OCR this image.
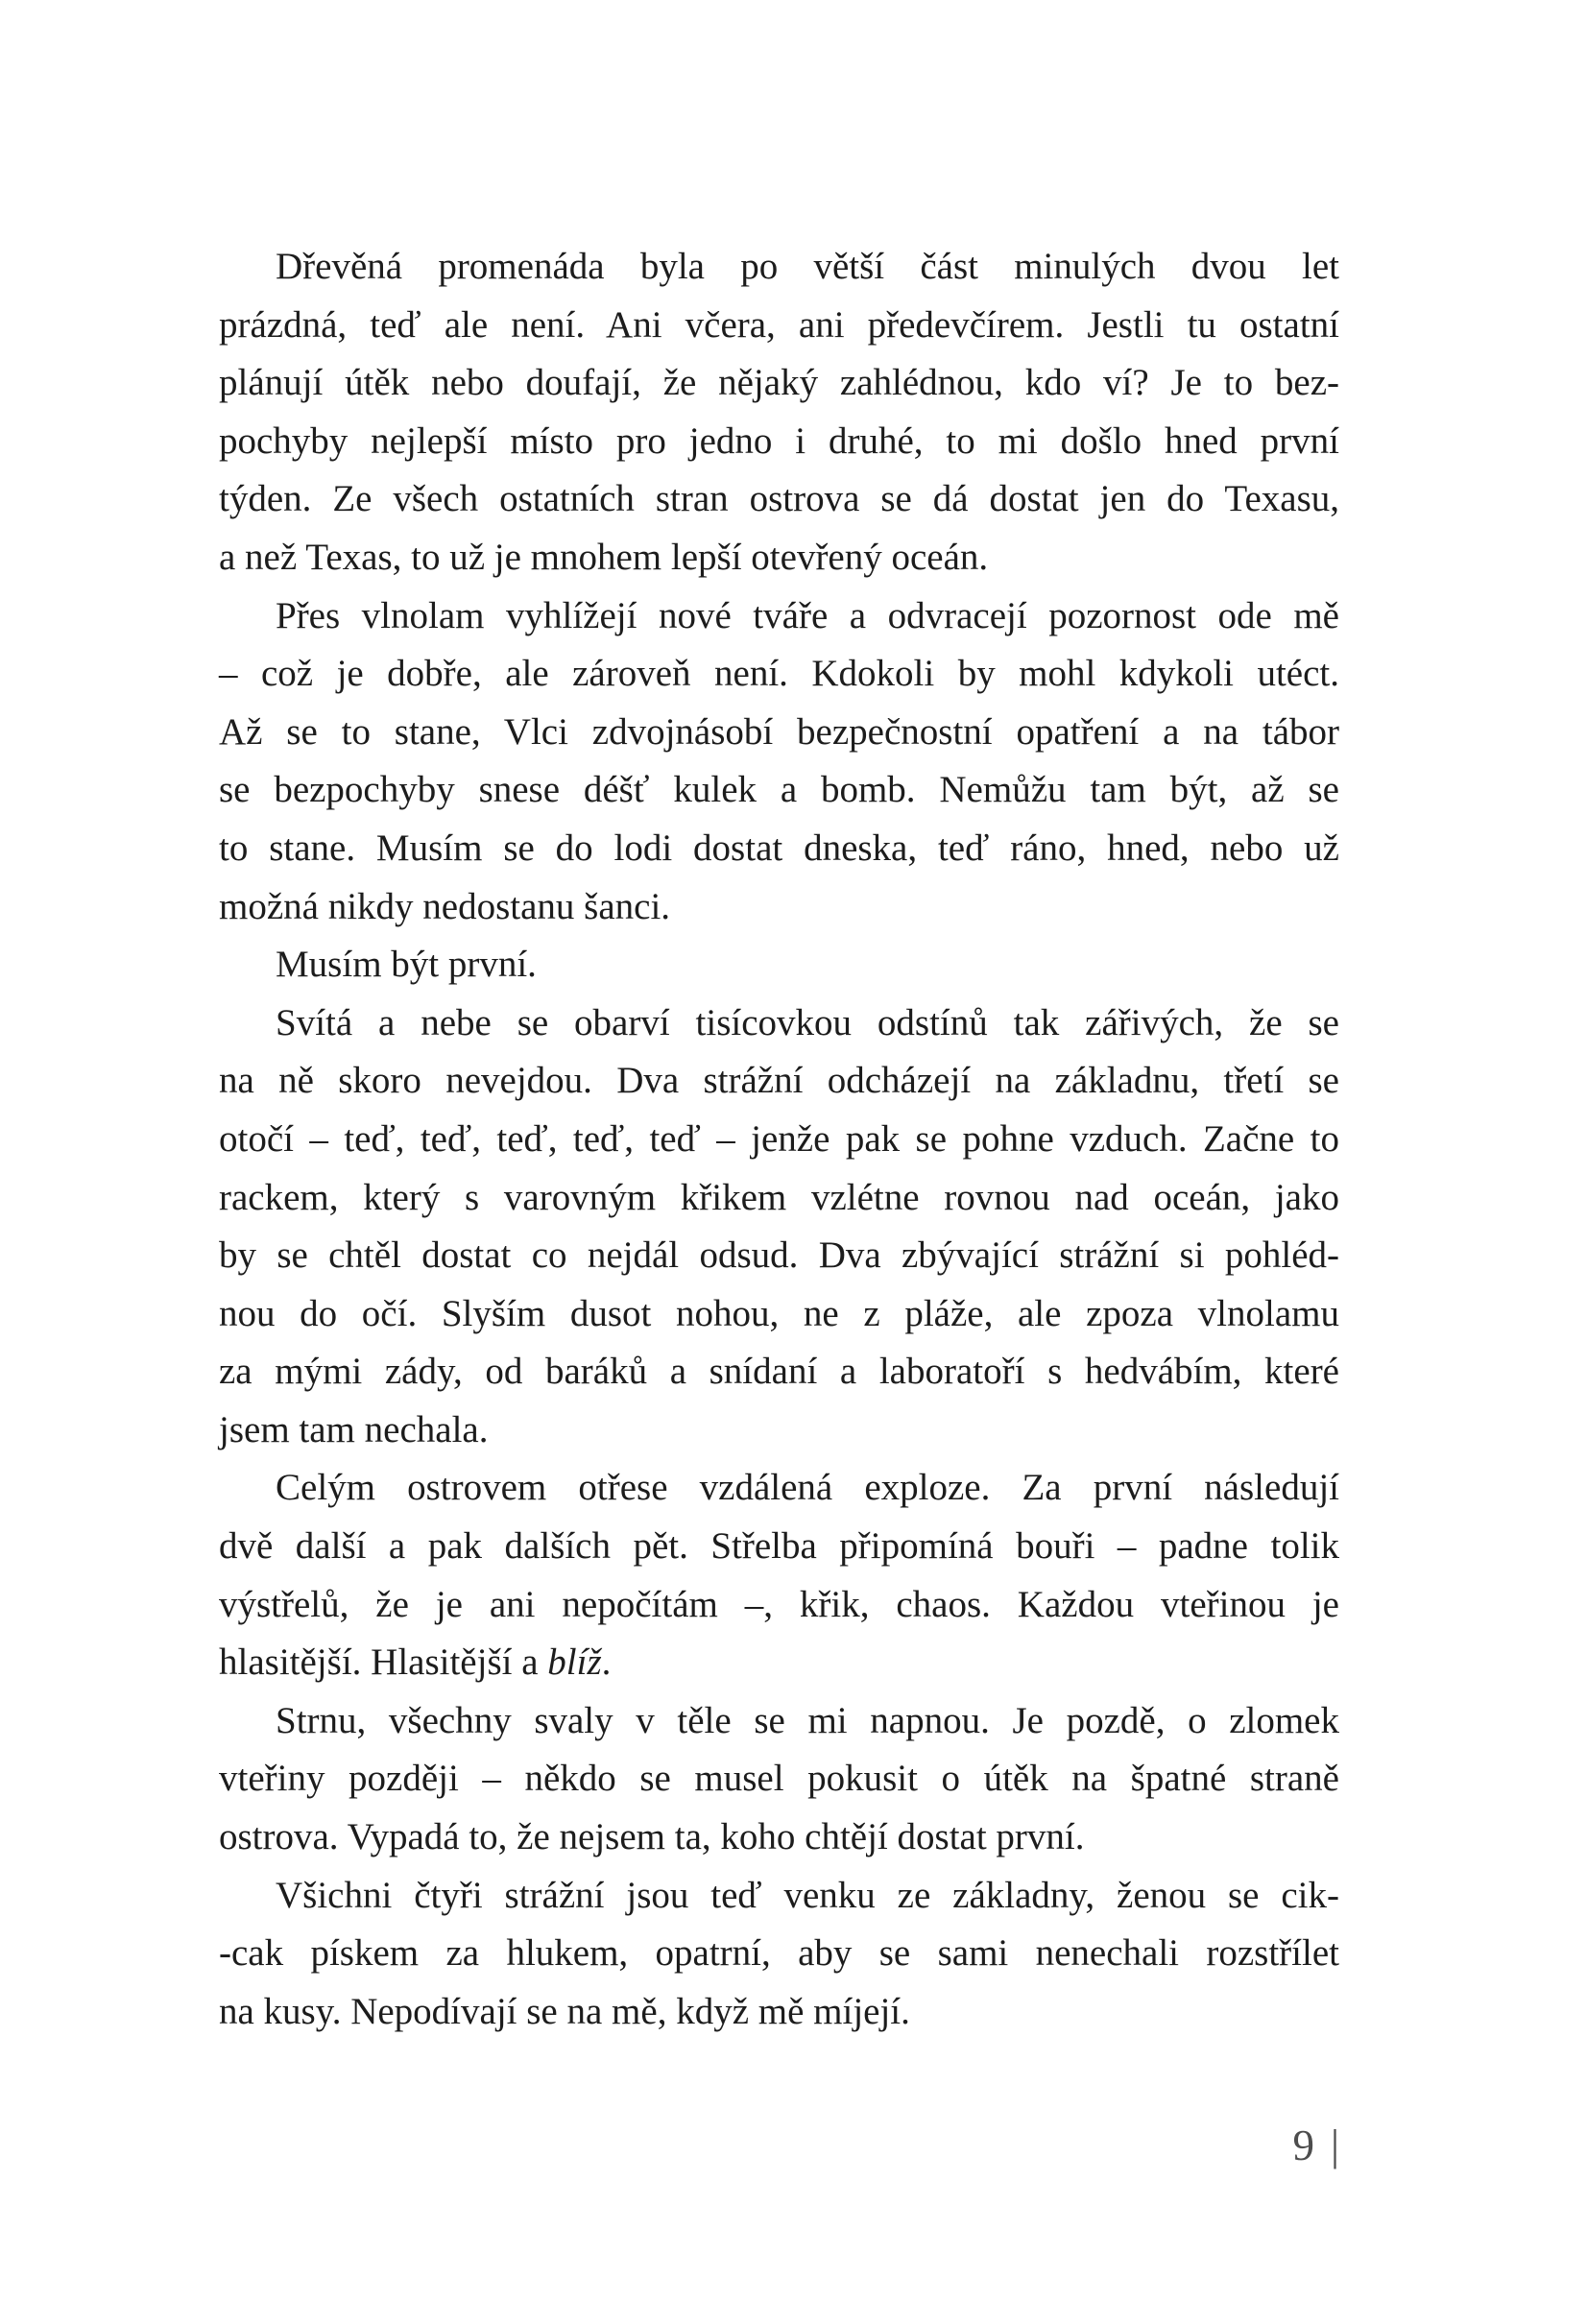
Dřevěná promenáda byla po větší část minulých dvou let
prázdná, teď ale není. Ani včera, ani předevčírem. Jestli tu ostatní
plánují útěk nebo doufají, že nějaký zahlédnou, kdo ví? Je to bez-
pochyby nejlepší místo pro jedno i druhé, to mi došlo hned první
týden. Ze všech ostatních stran ostrova se dá dostat jen do Texasu,
a než Texas, to už je mnohem lepší otevřený oceán.
Přes vlnolam vyhlížejí nové tváře a odvracejí pozornost ode mě
– což je dobře, ale zároveň není. Kdokoli by mohl kdykoli utéct.
Až se to stane, Vlci zdvojnásobí bezpečnostní opatření a na tábor
se bezpochyby snese déšť kulek a bomb. Nemůžu tam být, až se
to stane. Musím se do lodi dostat dneska, teď ráno, hned, nebo už
možná nikdy nedostanu šanci.
Musím být první.
Svítá a nebe se obarví tisícovkou odstínů tak zářivých, že se
na ně skoro nevejdou. Dva strážní odcházejí na základnu, třetí se
otočí – teď, teď, teď, teď, teď – jenže pak se pohne vzduch. Začne to
rackem, který s varovným křikem vzlétne rovnou nad oceán, jako
by se chtěl dostat co nejdál odsud. Dva zbývající strážní si pohléd-
nou do očí. Slyším dusot nohou, ne z pláže, ale zpoza vlnolamu
za mými zády, od baráků a snídaní a laboratoří s hedvábím, které
jsem tam nechala.
Celým ostrovem otřese vzdálená exploze. Za první následují
dvě další a pak dalších pět. Střelba připomíná bouři – padne tolik
výstřelů, že je ani nepočítám –, křik, chaos. Každou vteřinou je
hlasitější. Hlasitější a blíž.
Strnu, všechny svaly v těle se mi napnou. Je pozdě, o zlomek
vteřiny později – někdo se musel pokusit o útěk na špatné straně
ostrova. Vypadá to, že nejsem ta, koho chtějí dostat první.
Všichni čtyři strážní jsou teď venku ze základny, ženou se cik-
-cak pískem za hlukem, opatrní, aby se sami nenechali rozstřílet
na kusy. Nepodívají se na mě, když mě míjejí.
9 |
